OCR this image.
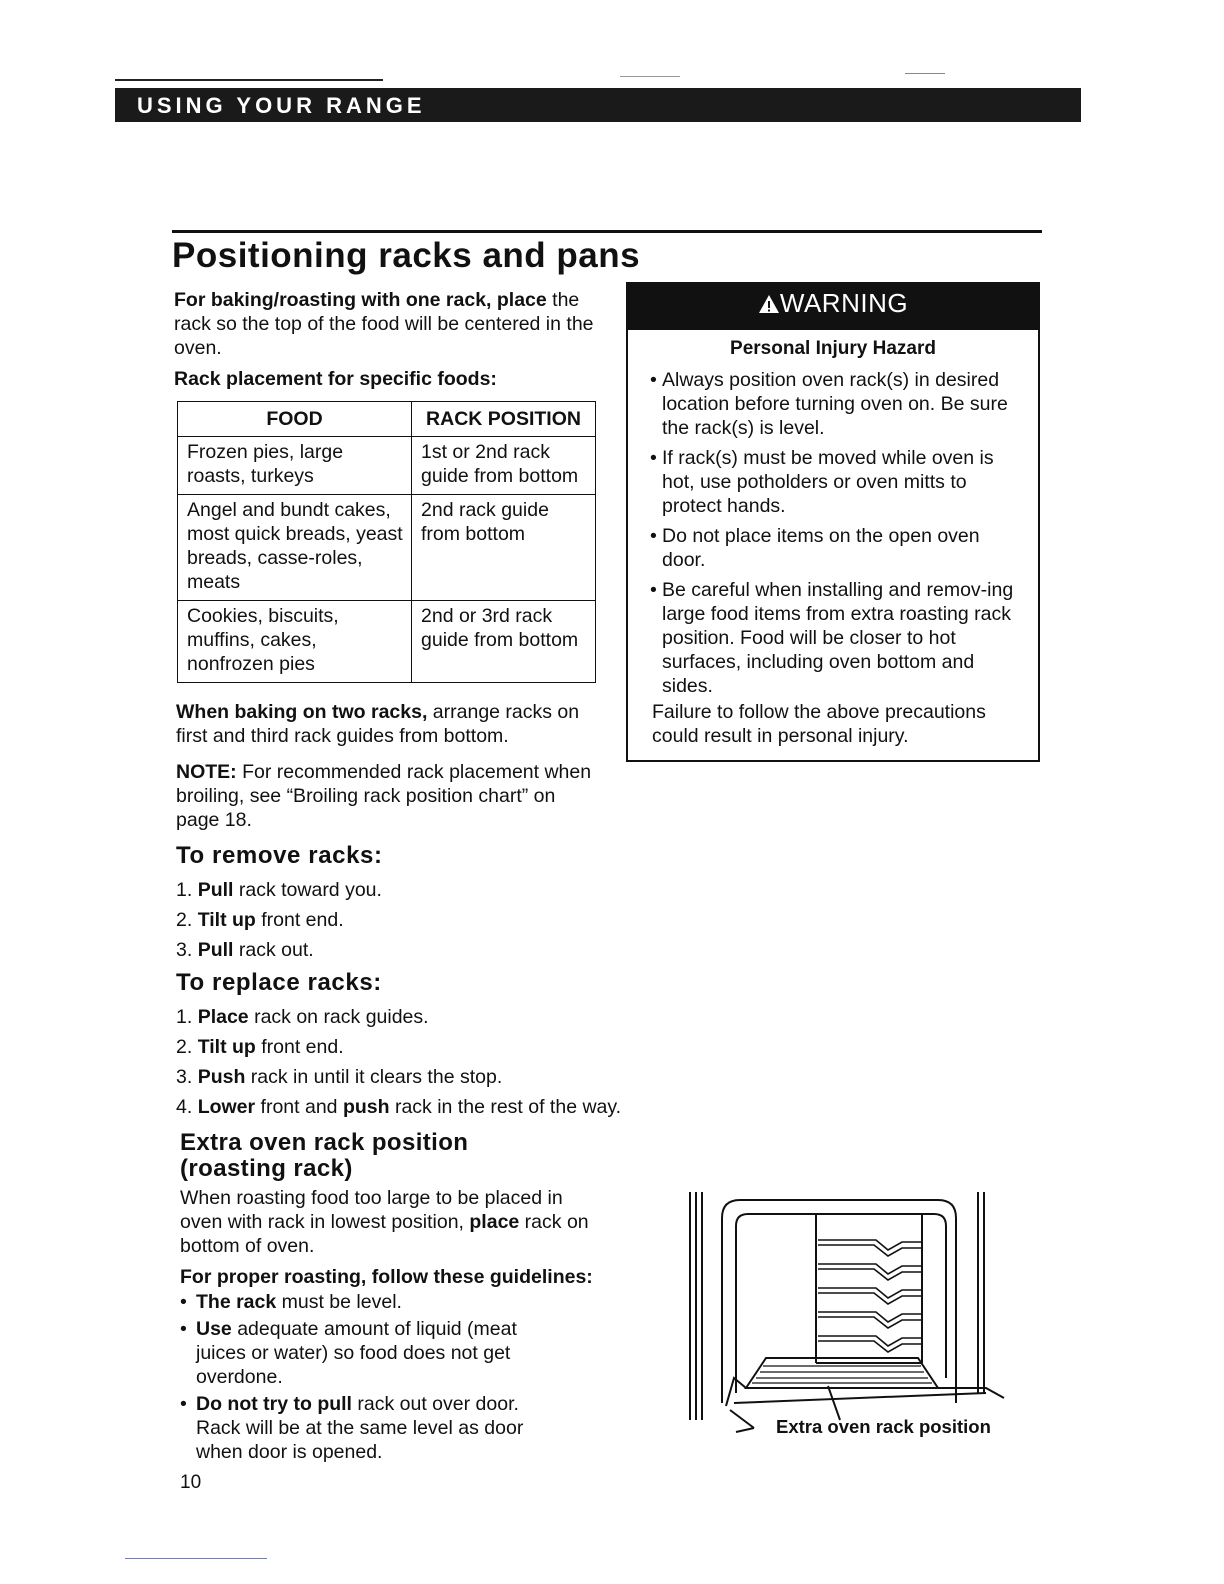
USING YOUR RANGE
Positioning racks and pans
For baking/roasting with one rack, place the rack so the top of the food will be centered in the oven.
Rack placement for specific foods:
FOOD	RACK POSITION
Frozen pies, large roasts, turkeys	1st or 2nd rack guide from bottom
Angel and bundt cakes, most quick breads, yeast breads, casse-roles, meats	2nd rack guide from bottom
Cookies, biscuits, muffins, cakes, nonfrozen pies	2nd or 3rd rack guide from bottom
When baking on two racks, arrange racks on first and third rack guides from bottom.
NOTE: For recommended rack placement when broiling, see “Broiling rack position chart” on page 18.
To remove racks:
1. Pull rack toward you.
2. Tilt up front end.
3. Pull rack out.
To replace racks:
1. Place rack on rack guides.
2. Tilt up front end.
3. Push rack in until it clears the stop.
4. Lower front and push rack in the rest of the way.
Extra oven rack position
(roasting rack)
When roasting food too large to be placed in oven with rack in lowest position, place rack on bottom of oven.
For proper roasting, follow these guidelines:
• The rack must be level.
• Use adequate amount of liquid (meat juices or water) so food does not get overdone.
• Do not try to pull rack out over door. Rack will be at the same level as door when door is opened.
10
WARNING
Personal Injury Hazard
• Always position oven rack(s) in desired location before turning oven on. Be sure the rack(s) is level.
• If rack(s) must be moved while oven is hot, use potholders or oven mitts to protect hands.
• Do not place items on the open oven door.
• Be careful when installing and remov-ing large food items from extra roasting rack position. Food will be closer to hot surfaces, including oven bottom and sides.
Failure to follow the above precautions could result in personal injury.
Extra oven rack position
